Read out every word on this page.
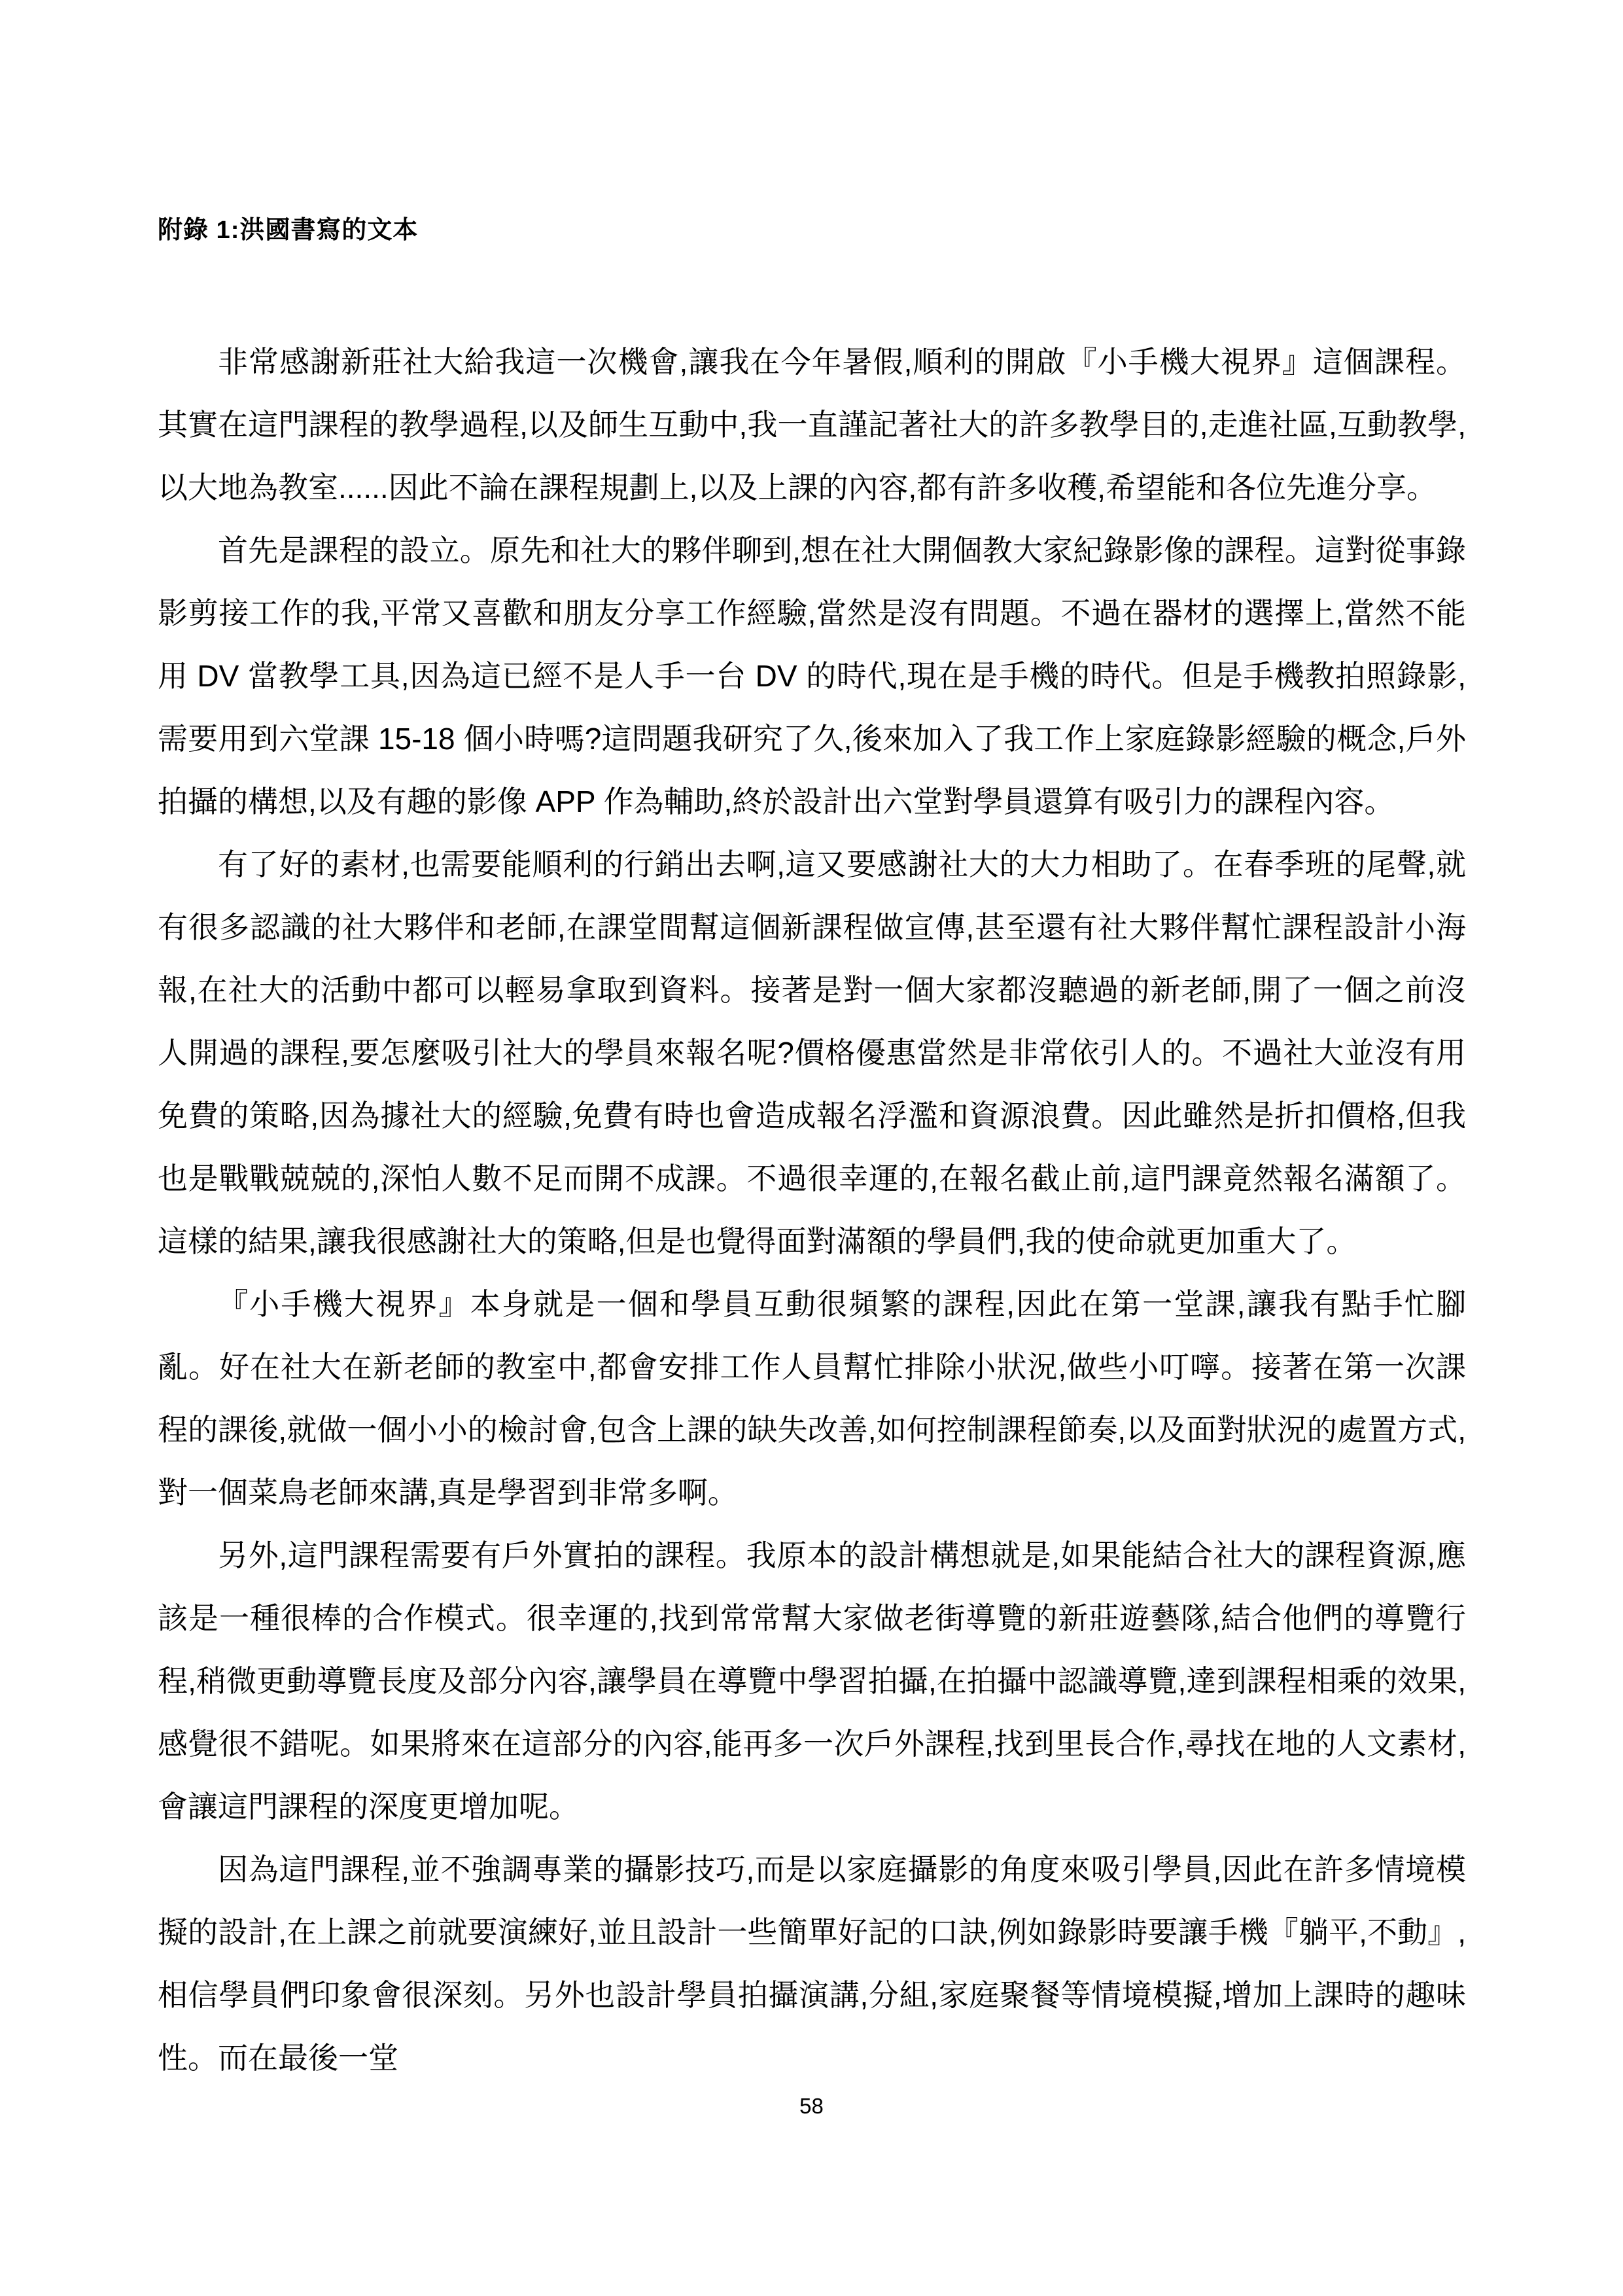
附錄 1:洪國書寫的文本

非常感謝新莊社大給我這一次機會,讓我在今年暑假,順利的開啟『小手機大視界』這個課程。其實在這門課程的教學過程,以及師生互動中,我一直謹記著社大的許多教學目的,走進社區,互動教學,以大地為教室......因此不論在課程規劃上,以及上課的內容,都有許多收穫,希望能和各位先進分享。

首先是課程的設立。原先和社大的夥伴聊到,想在社大開個教大家紀錄影像的課程。這對從事錄影剪接工作的我,平常又喜歡和朋友分享工作經驗,當然是沒有問題。不過在器材的選擇上,當然不能用 DV 當教學工具,因為這已經不是人手一台 DV 的時代,現在是手機的時代。但是手機教拍照錄影,需要用到六堂課 15-18 個小時嗎?這問題我研究了久,後來加入了我工作上家庭錄影經驗的概念,戶外拍攝的構想,以及有趣的影像 APP 作為輔助,終於設計出六堂對學員還算有吸引力的課程內容。

有了好的素材,也需要能順利的行銷出去啊,這又要感謝社大的大力相助了。在春季班的尾聲,就有很多認識的社大夥伴和老師,在課堂間幫這個新課程做宣傳,甚至還有社大夥伴幫忙課程設計小海報,在社大的活動中都可以輕易拿取到資料。接著是對一個大家都沒聽過的新老師,開了一個之前沒人開過的課程,要怎麼吸引社大的學員來報名呢?價格優惠當然是非常依引人的。不過社大並沒有用免費的策略,因為據社大的經驗,免費有時也會造成報名浮濫和資源浪費。因此雖然是折扣價格,但我也是戰戰兢兢的,深怕人數不足而開不成課。不過很幸運的,在報名截止前,這門課竟然報名滿額了。這樣的結果,讓我很感謝社大的策略,但是也覺得面對滿額的學員們,我的使命就更加重大了。

『小手機大視界』本身就是一個和學員互動很頻繁的課程,因此在第一堂課,讓我有點手忙腳亂。好在社大在新老師的教室中,都會安排工作人員幫忙排除小狀況,做些小叮嚀。接著在第一次課程的課後,就做一個小小的檢討會,包含上課的缺失改善,如何控制課程節奏,以及面對狀況的處置方式,對一個菜鳥老師來講,真是學習到非常多啊。

另外,這門課程需要有戶外實拍的課程。我原本的設計構想就是,如果能結合社大的課程資源,應該是一種很棒的合作模式。很幸運的,找到常常幫大家做老街導覽的新莊遊藝隊,結合他們的導覽行程,稍微更動導覽長度及部分內容,讓學員在導覽中學習拍攝,在拍攝中認識導覽,達到課程相乘的效果,感覺很不錯呢。如果將來在這部分的內容,能再多一次戶外課程,找到里長合作,尋找在地的人文素材,會讓這門課程的深度更增加呢。

因為這門課程,並不強調專業的攝影技巧,而是以家庭攝影的角度來吸引學員,因此在許多情境模擬的設計,在上課之前就要演練好,並且設計一些簡單好記的口訣,例如錄影時要讓手機『躺平,不動』,相信學員們印象會很深刻。另外也設計學員拍攝演講,分組,家庭聚餐等情境模擬,增加上課時的趣味性。而在最後一堂

58
